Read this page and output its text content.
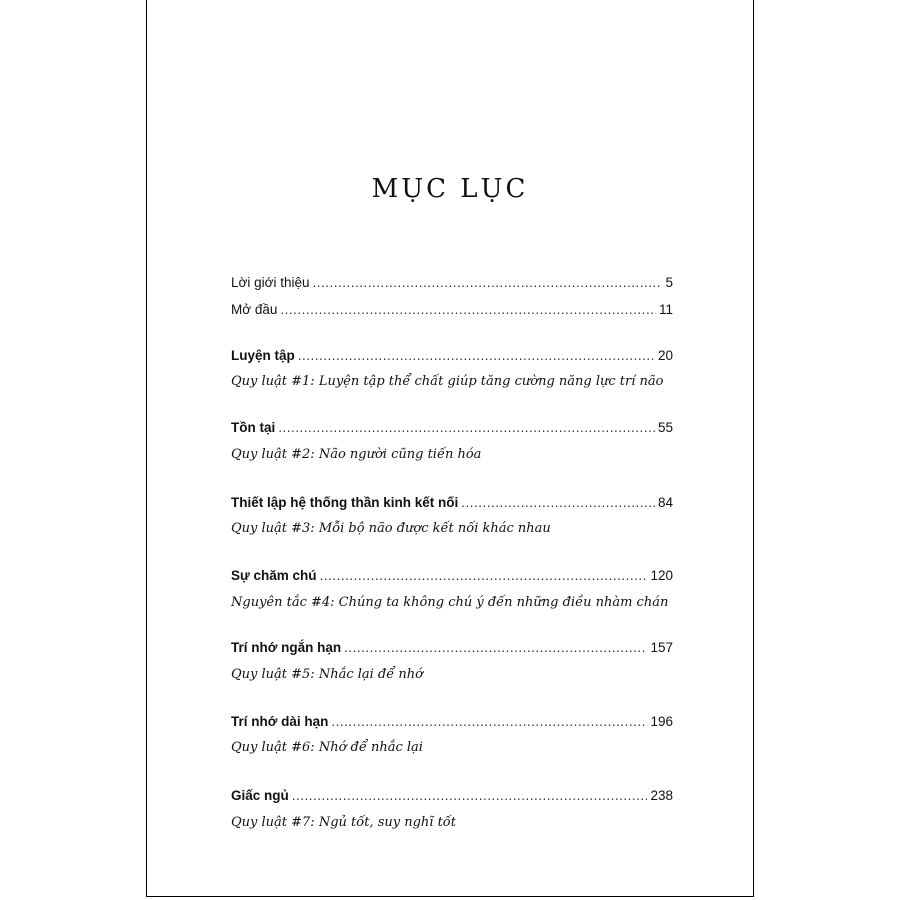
MỤC LỤC
Lời giới thiệu .....	5
Mở đầu .....	11
Luyện tập .....	20
Quy luật #1: Luyện tập thể chất giúp tăng cường năng lực trí não
Tồn tại .....	55
Quy luật #2: Não người cũng tiến hóa
Thiết lập hệ thống thần kinh kết nối .....	84
Quy luật #3: Mỗi bộ não được kết nối khác nhau
Sự chăm chú .....	120
Nguyên tắc #4: Chúng ta không chú ý đến những điều nhàm chán
Trí nhớ ngắn hạn .....	157
Quy luật #5: Nhắc lại để nhớ
Trí nhớ dài hạn .....	196
Quy luật #6: Nhớ để nhắc lại
Giấc ngủ .....	238
Quy luật #7: Ngủ tốt, suy nghĩ tốt
